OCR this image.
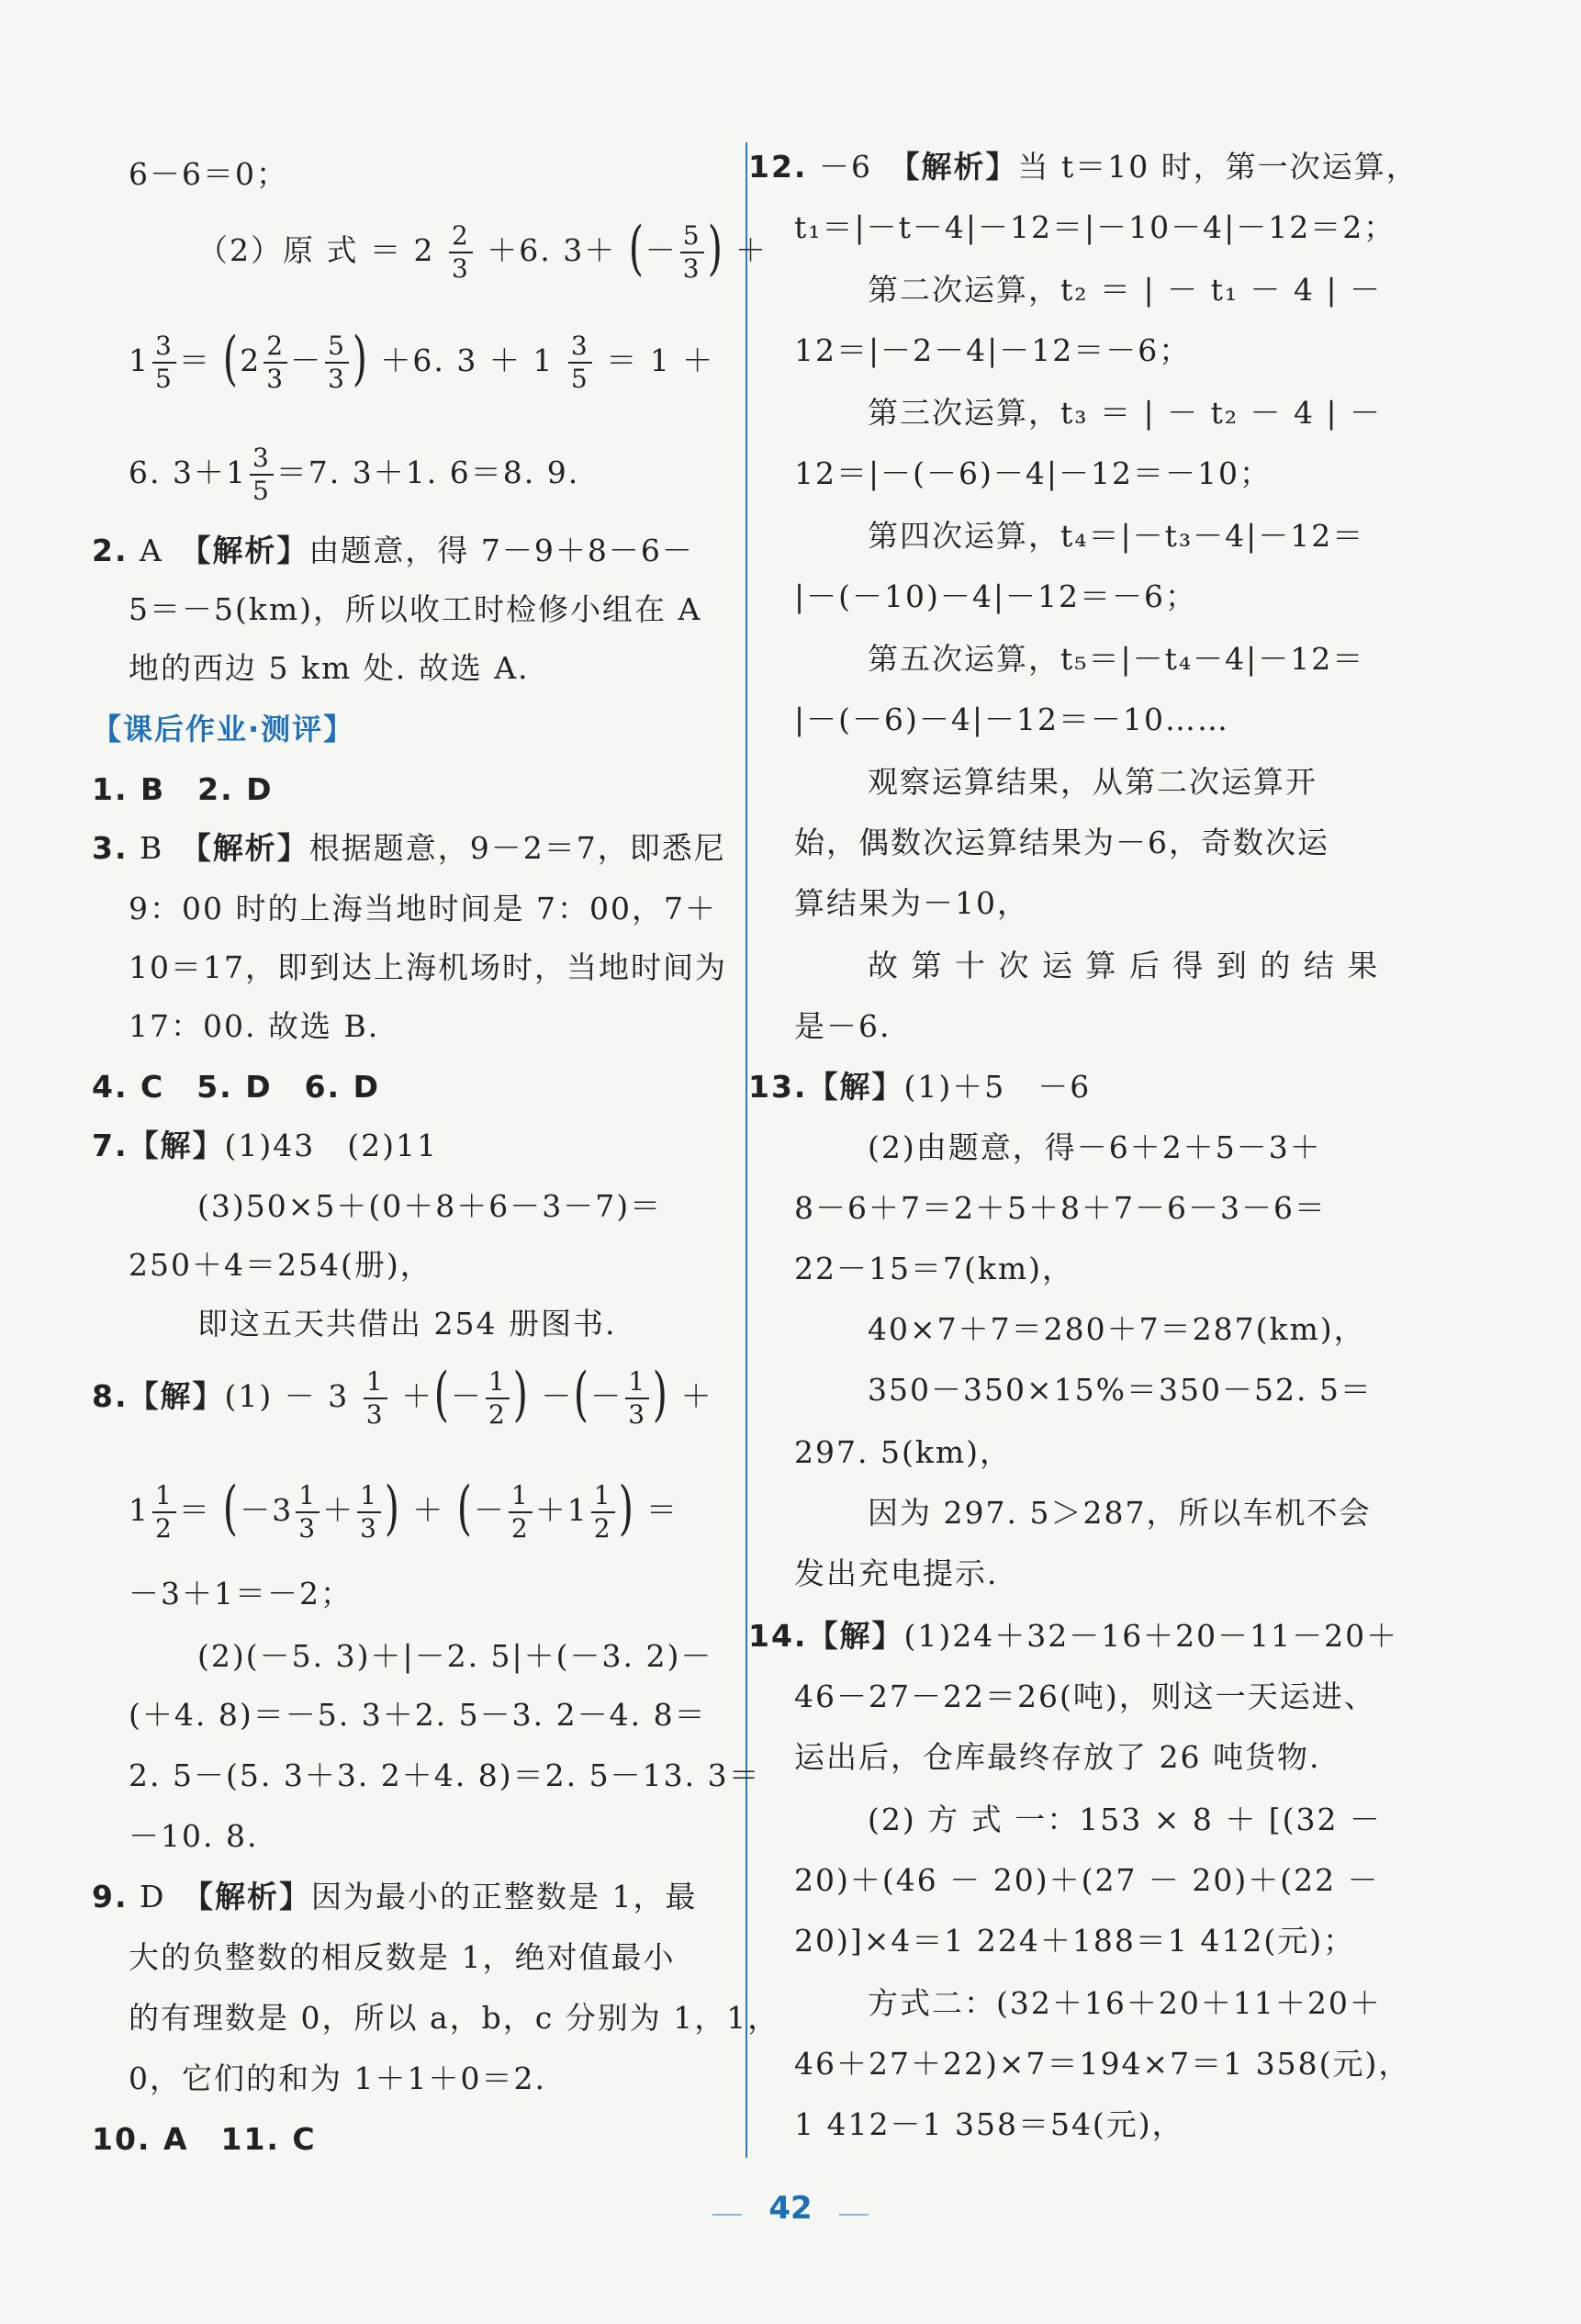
6－6＝0；
（2）原 式 ＝ $2 \frac{2}{3} +6$. 3＋ (－ $\frac{5}{3}$ ) ＋
$1 \frac{3}{5} = (2 \frac{2}{3} - \frac{5}{3}$ ) ＋6. $3 + 1 \frac{3}{5} = 1$ ＋
6. $3+1 \frac{3}{5} =7$. 3＋1. 6＝8. 9.
2. A　【解析】由题意，得 7－9＋8－6－
5＝－5(km)，所以收工时检修小组在 A
地的西边 5 km 处. 故选 A.
【课后作业·测评】
1. B　2. D
3. B　【解析】根据题意，9－2＝7，即悉尼
9：00 时的上海当地时间是 7：00，7＋
10＝17，即到达上海机场时，当地时间为
17：00. 故选 B.
4. C　5. D　6. D
7.【解】(1)43　(2)11
(3)50×5＋(0＋8＋6－3－7)＝
250＋4＝254(册)，
即这五天共借出 254 册图书.
8.【解】$(1) - 3 \frac{1}{3}$ ＋(－ $\frac{1}{2}$ ) －(－ $\frac{1}{3}$ ) ＋
$1 \frac{1}{2} = (-3 \frac{1}{3} + \frac{1}{3}$ ) ＋ (－ $\frac{1}{2} +1 \frac{1}{2}$ ) ＝
－3＋1＝－2；
(2)(－5. 3)＋|－2. 5|＋(－3. 2)－
(＋4. 8)＝－5. 3＋2. 5－3. 2－4. 8＝
2. 5－(5. 3＋3. 2＋4. 8)＝2. 5－13. 3＝
－10. 8.
9. D　【解析】因为最小的正整数是 1，最
大的负整数的相反数是 1，绝对值最小
的有理数是 0，所以 a，b，c 分别为 1，1，
0，它们的和为 1＋1＋0＝2.
10. A　11. C
12. －6　【解析】当 t＝10 时，第一次运算，
t₁＝|－t－4|－12＝|－10－4|－12＝2；
第二次运算，t₂ ＝ | － t₁ － 4 | －
12＝|－2－4|－12＝－6；
第三次运算，t₃ ＝ | － t₂ － 4 | －
12＝|－(－6)－4|－12＝－10；
第四次运算，t₄＝|－t₃－4|－12＝
|－(－10)－4|－12＝－6；
第五次运算，t₅＝|－t₄－4|－12＝
|－(－6)－4|－12＝－10……
观察运算结果，从第二次运算开
始，偶数次运算结果为－6，奇数次运
算结果为－10，
故 第 十 次 运 算 后 得 到 的 结 果
是－6.
13.【解】(1)＋5　－6
(2)由题意，得－6＋2＋5－3＋
8－6＋7＝2＋5＋8＋7－6－3－6＝
22－15＝7(km)，
40×7＋7＝280＋7＝287(km)，
350－350×15%＝350－52. 5＝
297. 5(km)，
因为 297. 5＞287，所以车机不会
发出充电提示.
14.【解】(1)24＋32－16＋20－11－20＋
46－27－22＝26(吨)，则这一天运进、
运出后，仓库最终存放了 26 吨货物.
(2) 方 式 一：153 × 8 ＋ [(32 －
20)＋(46 － 20)＋(27 － 20)＋(22 －
20)]×4＝1 224＋188＝1 412(元)；
方式二：(32＋16＋20＋11＋20＋
46＋27＋22)×7＝194×7＝1 358(元)，
1 412－1 358＝54(元)，
42
